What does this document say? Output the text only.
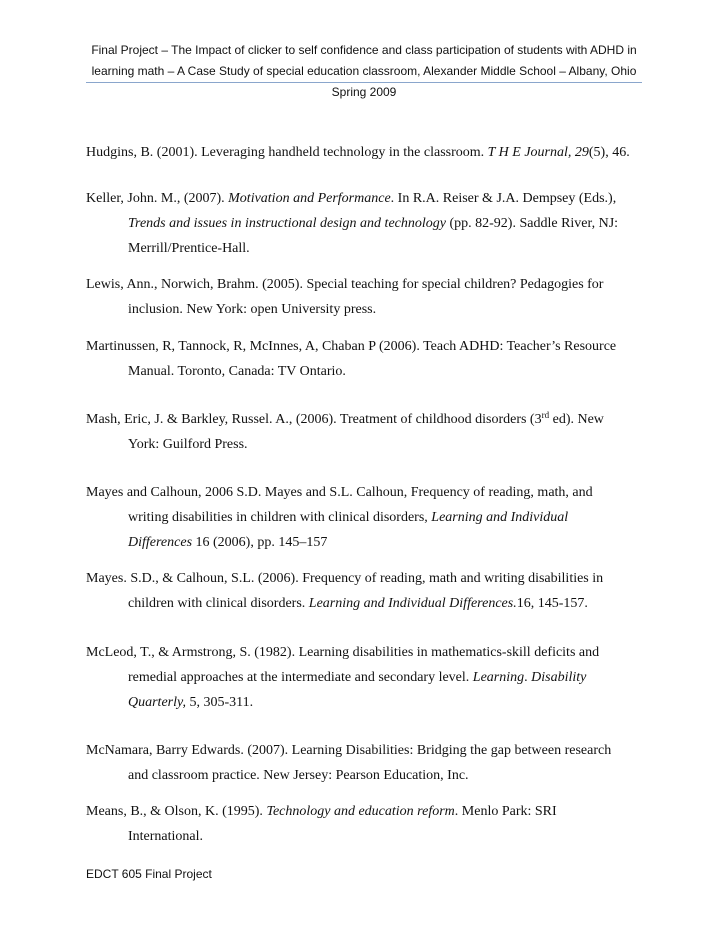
Final Project – The Impact of clicker to self confidence and class participation of students with ADHD in
learning math – A Case Study of special education classroom, Alexander Middle School – Albany, Ohio
Spring 2009
Hudgins, B. (2001). Leveraging handheld technology in the classroom. T H E Journal, 29(5), 46.
Keller, John. M., (2007). Motivation and Performance. In R.A. Reiser & J.A. Dempsey (Eds.),
Trends and issues in instructional design and technology (pp. 82-92). Saddle River, NJ:
Merrill/Prentice-Hall.
Lewis, Ann., Norwich, Brahm. (2005). Special teaching for special children? Pedagogies for
inclusion. New York: open University press.
Martinussen, R, Tannock, R, McInnes, A, Chaban P (2006). Teach ADHD: Teacher’s Resource
Manual. Toronto, Canada: TV Ontario.
Mash, Eric, J. & Barkley, Russel. A., (2006). Treatment of childhood disorders (3rd ed). New
York: Guilford Press.
Mayes and Calhoun, 2006 S.D. Mayes and S.L. Calhoun, Frequency of reading, math, and
writing disabilities in children with clinical disorders, Learning and Individual
Differences 16 (2006), pp. 145–157
Mayes. S.D., & Calhoun, S.L. (2006). Frequency of reading, math and writing disabilities in
children with clinical disorders. Learning and Individual Differences.16, 145-157.
McLeod, T., & Armstrong, S. (1982). Learning disabilities in mathematics-skill deficits and
remedial approaches at the intermediate and secondary level. Learning. Disability
Quarterly, 5, 305-311.
McNamara, Barry Edwards. (2007). Learning Disabilities: Bridging the gap between research
and classroom practice. New Jersey: Pearson Education, Inc.
Means, B., & Olson, K. (1995). Technology and education reform. Menlo Park: SRI
International.
EDCT 605 Final Project
